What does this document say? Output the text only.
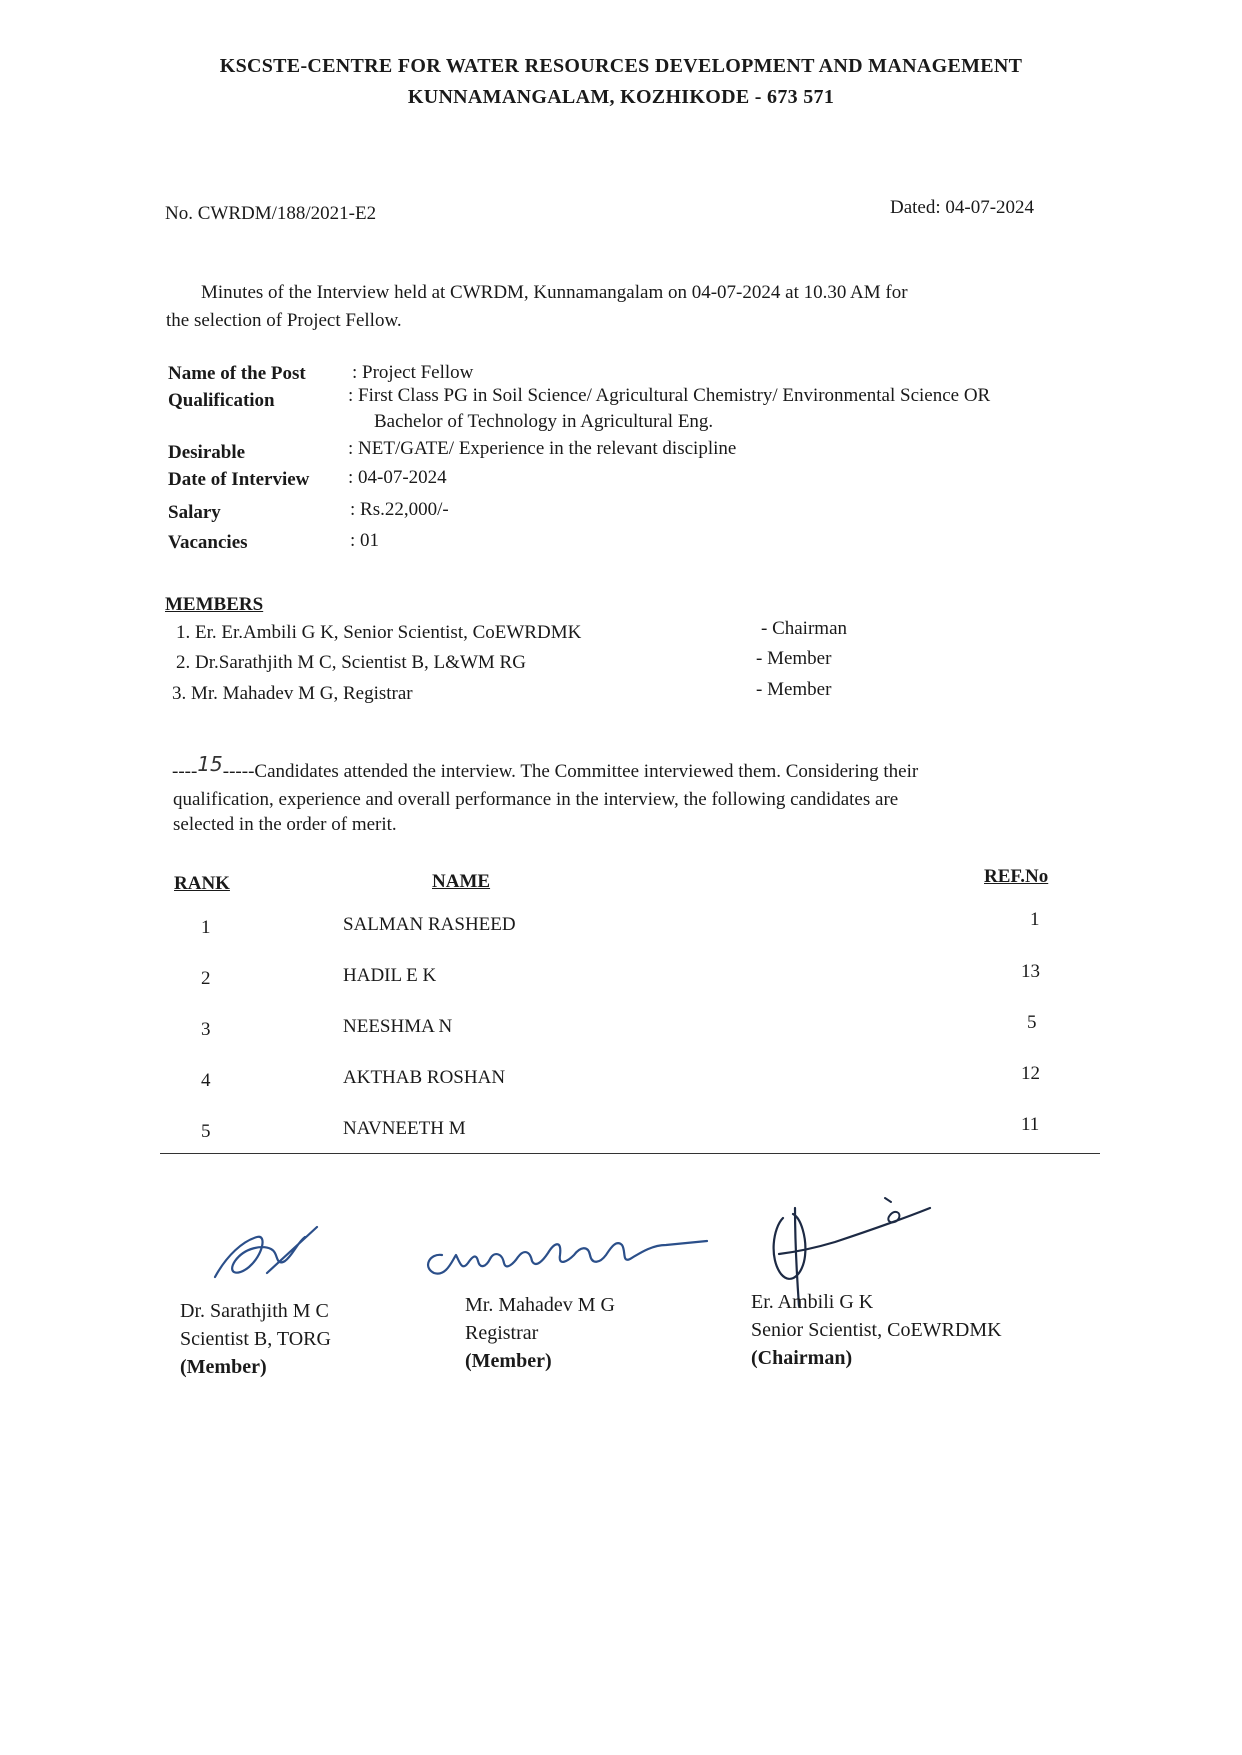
KSCSTE-CENTRE FOR WATER RESOURCES DEVELOPMENT AND MANAGEMENT
KUNNAMANGALAM, KOZHIKODE - 673 571
No. CWRDM/188/2021-E2	Dated: 04-07-2024
Minutes of the Interview held at CWRDM, Kunnamangalam on 04-07-2024 at 10.30 AM for
the selection of Project Fellow.
Name of the Post : Project Fellow
Qualification	: First Class PG in Soil Science/ Agricultural Chemistry/ Environmental Science OR
Bachelor of Technology in Agricultural Eng.
Desirable	: NET/GATE/ Experience in the relevant discipline
Date of Interview : 04-07-2024
Salary	: Rs.22,000/-
Vacancies	: 01
MEMBERS
1. Er. Er.Ambili G K, Senior Scientist, CoEWRDMK	- Chairman
2. Dr.Sarathjith M C, Scientist B, L&WM RG	- Member
3. Mr. Mahadev M G, Registrar	- Member
----15-----Candidates attended the interview. The Committee interviewed them. Considering their
qualification, experience and overall performance in the interview, the following candidates are
selected in the order of merit.
RANK	NAME	REF.No
1	SALMAN RASHEED	1
2	HADIL E K	13
3	NEESHMA N	5
4	AKTHAB ROSHAN	12
5	NAVNEETH M	11
Dr. Sarathjith M C
Scientist B, TORG
(Member)
Mr. Mahadev M G
Registrar
(Member)
Er. Ambili G K
Senior Scientist, CoEWRDMK
(Chairman)
